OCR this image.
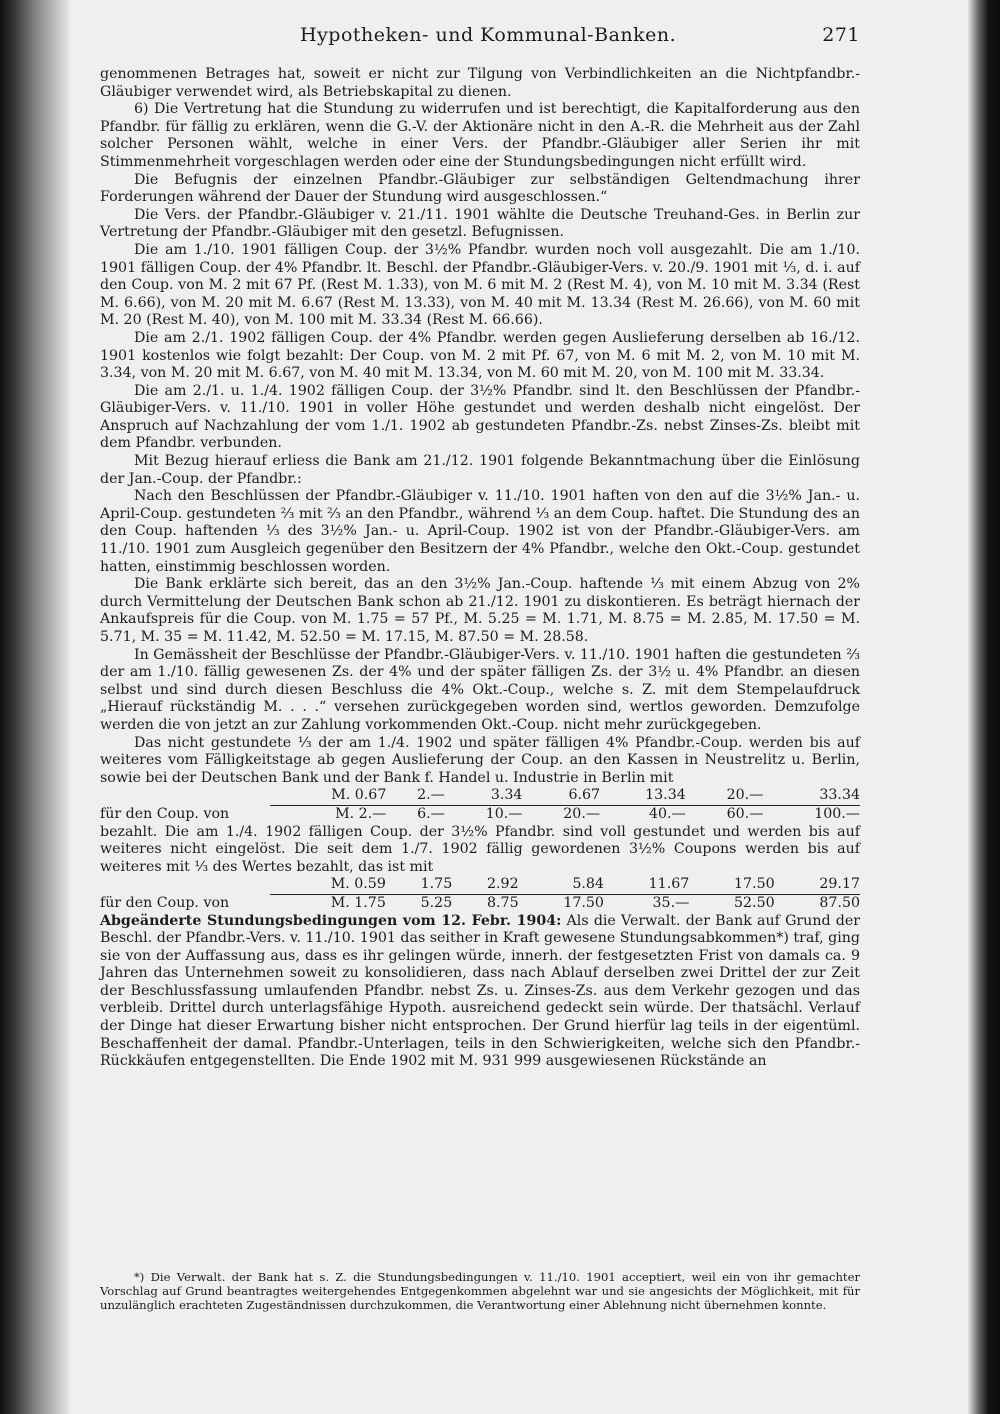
Hypotheken- und Kommunal-Banken.	271

genommenen Betrages hat, soweit er nicht zur Tilgung von Verbindlichkeiten an die Nichtpfandbr.-Gläubiger verwendet wird, als Betriebskapital zu dienen.

6) Die Vertretung hat die Stundung zu widerrufen und ist berechtigt, die Kapitalforderung aus den Pfandbr. für fällig zu erklären, wenn die G.-V. der Aktionäre nicht in den A.-R. die Mehrheit aus der Zahl solcher Personen wählt, welche in einer Vers. der Pfandbr.-Gläubiger aller Serien ihr mit Stimmenmehrheit vorgeschlagen werden oder eine der Stundungsbedingungen nicht erfüllt wird.

Die Befugnis der einzelnen Pfandbr.-Gläubiger zur selbständigen Geltendmachung ihrer Forderungen während der Dauer der Stundung wird ausgeschlossen.“

Die Vers. der Pfandbr.-Gläubiger v. 21./11. 1901 wählte die Deutsche Treuhand-Ges. in Berlin zur Vertretung der Pfandbr.-Gläubiger mit den gesetzl. Befugnissen.

Die am 1./10. 1901 fälligen Coup. der 3½% Pfandbr. wurden noch voll ausgezahlt. Die am 1./10. 1901 fälligen Coup. der 4% Pfandbr. lt. Beschl. der Pfandbr.-Gläubiger-Vers. v. 20./9. 1901 mit ⅓, d. i. auf den Coup. von M. 2 mit 67 Pf. (Rest M. 1.33), von M. 6 mit M. 2 (Rest M. 4), von M. 10 mit M. 3.34 (Rest M. 6.66), von M. 20 mit M. 6.67 (Rest M. 13.33), von M. 40 mit M. 13.34 (Rest M. 26.66), von M. 60 mit M. 20 (Rest M. 40), von M. 100 mit M. 33.34 (Rest M. 66.66).

Die am 2./1. 1902 fälligen Coup. der 4% Pfandbr. werden gegen Auslieferung derselben ab 16./12. 1901 kostenlos wie folgt bezahlt: Der Coup. von M. 2 mit Pf. 67, von M. 6 mit M. 2, von M. 10 mit M. 3.34, von M. 20 mit M. 6.67, von M. 40 mit M. 13.34, von M. 60 mit M. 20, von M. 100 mit M. 33.34.

Die am 2./1. u. 1./4. 1902 fälligen Coup. der 3½% Pfandbr. sind lt. den Beschlüssen der Pfandbr.-Gläubiger-Vers. v. 11./10. 1901 in voller Höhe gestundet und werden deshalb nicht eingelöst. Der Anspruch auf Nachzahlung der vom 1./1. 1902 ab gestundeten Pfandbr.-Zs. nebst Zinses-Zs. bleibt mit dem Pfandbr. verbunden.

Mit Bezug hierauf erliess die Bank am 21./12. 1901 folgende Bekanntmachung über die Einlösung der Jan.-Coup. der Pfandbr.:

Nach den Beschlüssen der Pfandbr.-Gläubiger v. 11./10. 1901 haften von den auf die 3½% Jan.- u. April-Coup. gestundeten ⅔ mit ⅔ an den Pfandbr., während ⅓ an dem Coup. haftet. Die Stundung des an den Coup. haftenden ⅓ des 3½% Jan.- u. April-Coup. 1902 ist von der Pfandbr.-Gläubiger-Vers. am 11./10. 1901 zum Ausgleich gegenüber den Besitzern der 4% Pfandbr., welche den Okt.-Coup. gestundet hatten, einstimmig beschlossen worden.

Die Bank erklärte sich bereit, das an den 3½% Jan.-Coup. haftende ⅓ mit einem Abzug von 2% durch Vermittelung der Deutschen Bank schon ab 21./12. 1901 zu diskontieren. Es beträgt hiernach der Ankaufspreis für die Coup. von M. 1.75 = 57 Pf., M. 5.25 = M. 1.71, M. 8.75 = M. 2.85, M. 17.50 = M. 5.71, M. 35 = M. 11.42, M. 52.50 = M. 17.15, M. 87.50 = M. 28.58.

In Gemässheit der Beschlüsse der Pfandbr.-Gläubiger-Vers. v. 11./10. 1901 haften die gestundeten ⅔ der am 1./10. fällig gewesenen Zs. der 4% und der später fälligen Zs. der 3½ u. 4% Pfandbr. an diesen selbst und sind durch diesen Beschluss die 4% Okt.-Coup., welche s. Z. mit dem Stempelaufdruck „Hierauf rückständig M. . . .“ versehen zurückgegeben worden sind, wertlos geworden. Demzufolge werden die von jetzt an zur Zahlung vorkommenden Okt.-Coup. nicht mehr zurückgegeben.

Das nicht gestundete ⅓ der am 1./4. 1902 und später fälligen 4% Pfandbr.-Coup. werden bis auf weiteres vom Fälligkeitstage ab gegen Auslieferung der Coup. an den Kassen in Neustrelitz u. Berlin, sowie bei der Deutschen Bank und der Bank f. Handel u. Industrie in Berlin mit

	M. 0.67	2.—	3.34	6.67	13.34	20.—	33.34
für den Coup. von	M. 2.—	6.—	10.—	20.—	40.—	60.—	100.—

bezahlt. Die am 1./4. 1902 fälligen Coup. der 3½% Pfandbr. sind voll gestundet und werden bis auf weiteres nicht eingelöst. Die seit dem 1./7. 1902 fällig gewordenen 3½% Coupons werden bis auf weiteres mit ⅓ des Wertes bezahlt, das ist mit

	M. 0.59	1.75	2.92	5.84	11.67	17.50	29.17
für den Coup. von	M. 1.75	5.25	8.75	17.50	35.—	52.50	87.50

Abgeänderte Stundungsbedingungen vom 12. Febr. 1904: Als die Verwalt. der Bank auf Grund der Beschl. der Pfandbr.-Vers. v. 11./10. 1901 das seither in Kraft gewesene Stundungsabkommen*) traf, ging sie von der Auffassung aus, dass es ihr gelingen würde, innerh. der festgesetzten Frist von damals ca. 9 Jahren das Unternehmen soweit zu konsolidieren, dass nach Ablauf derselben zwei Drittel der zur Zeit der Beschlussfassung umlaufenden Pfandbr. nebst Zs. u. Zinses-Zs. aus dem Verkehr gezogen und das verbleib. Drittel durch unterlagsfähige Hypoth. ausreichend gedeckt sein würde. Der thatsächl. Verlauf der Dinge hat dieser Erwartung bisher nicht entsprochen. Der Grund hierfür lag teils in der eigentüml. Beschaffenheit der damal. Pfandbr.-Unterlagen, teils in den Schwierigkeiten, welche sich den Pfandbr.-Rückkäufen entgegenstellten. Die Ende 1902 mit M. 931 999 ausgewiesenen Rückstände an

*) Die Verwalt. der Bank hat s. Z. die Stundungsbedingungen v. 11./10. 1901 acceptiert, weil ein von ihr gemachter Vorschlag auf Grund beantragtes weitergehendes Entgegenkommen abgelehnt war und sie angesichts der Möglichkeit, mit für unzulänglich erachteten Zugeständnissen durchzukommen, die Verantwortung einer Ablehnung nicht übernehmen konnte.
